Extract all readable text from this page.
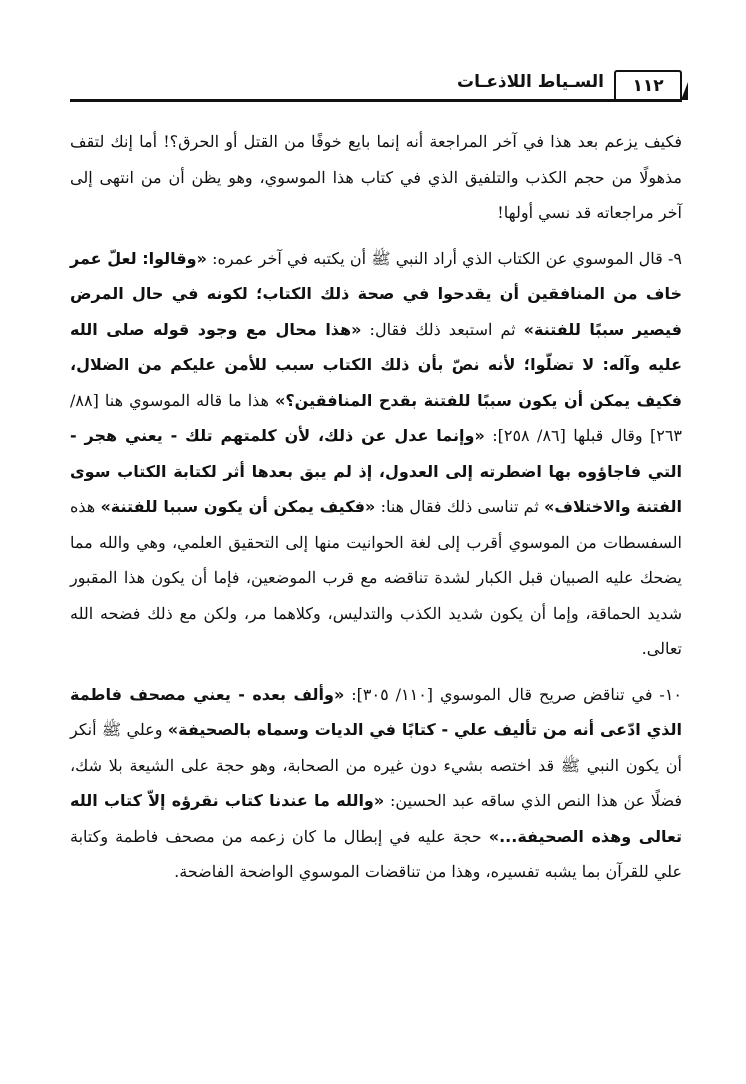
١١٢
السـياط اللاذعـات

فكيف يزعم بعد هذا في آخر المراجعة أنه إنما بايع خوفًا من القتل أو الحرق؟! أما إنك لتقف مذهولًا من حجم الكذب والتلفيق الذي في كتاب هذا الموسوي، وهو يظن أن من انتهى إلى آخر مراجعاته قد نسي أولها!

٩- قال الموسوي عن الكتاب الذي أراد النبي ﷺ أن يكتبه في آخر عمره: «وقالوا: لعلّ عمر خاف من المنافقين أن يقدحوا في صحة ذلك الكتاب؛ لكونه في حال المرض فيصير سببًا للفتنة» ثم استبعد ذلك فقال: «هذا محال مع وجود قوله صلى الله عليه وآله: لا تضلّوا؛ لأنه نصّ بأن ذلك الكتاب سبب للأمن عليكم من الضلال، فكيف يمكن أن يكون سببًا للفتنة بقدح المنافقين؟» هذا ما قاله الموسوي هنا [٨٨/ ٢٦٣] وقال قبلها [٨٦/ ٢٥٨]: «وإنما عدل عن ذلك، لأن كلمتهم تلك - يعني هجر - التي فاجاؤوه بها اضطرته إلى العدول، إذ لم يبق بعدها أثر لكتابة الكتاب سوى الفتنة والاختلاف» ثم تناسى ذلك فقال هنا: «فكيف يمكن أن يكون سببا للفتنة» هذه السفسطات من الموسوي أقرب إلى لغة الحوانيت منها إلى التحقيق العلمي، وهي والله مما يضحك عليه الصبيان قبل الكبار لشدة تناقضه مع قرب الموضعين، فإما أن يكون هذا المقبور شديد الحماقة، وإما أن يكون شديد الكذب والتدليس، وكلاهما مر، ولكن مع ذلك فضحه الله تعالى.

١٠- في تناقض صريح قال الموسوي [١١٠/ ٣٠٥]: «وألف بعده - يعني مصحف فاطمة الذي ادّعى أنه من تأليف علي - كتابًا في الديات وسماه بالصحيفة» وعلي ﷺ أنكر أن يكون النبي ﷺ قد اختصه بشيء دون غيره من الصحابة، وهو حجة على الشيعة بلا شك، فضلًا عن هذا النص الذي ساقه عبد الحسين: «والله ما عندنا كتاب نقرؤه إلاّ كتاب الله تعالى وهذه الصحيفة...» حجة عليه في إبطال ما كان زعمه من مصحف فاطمة وكتابة علي للقرآن بما يشبه تفسيره، وهذا من تناقضات الموسوي الواضحة الفاضحة.
